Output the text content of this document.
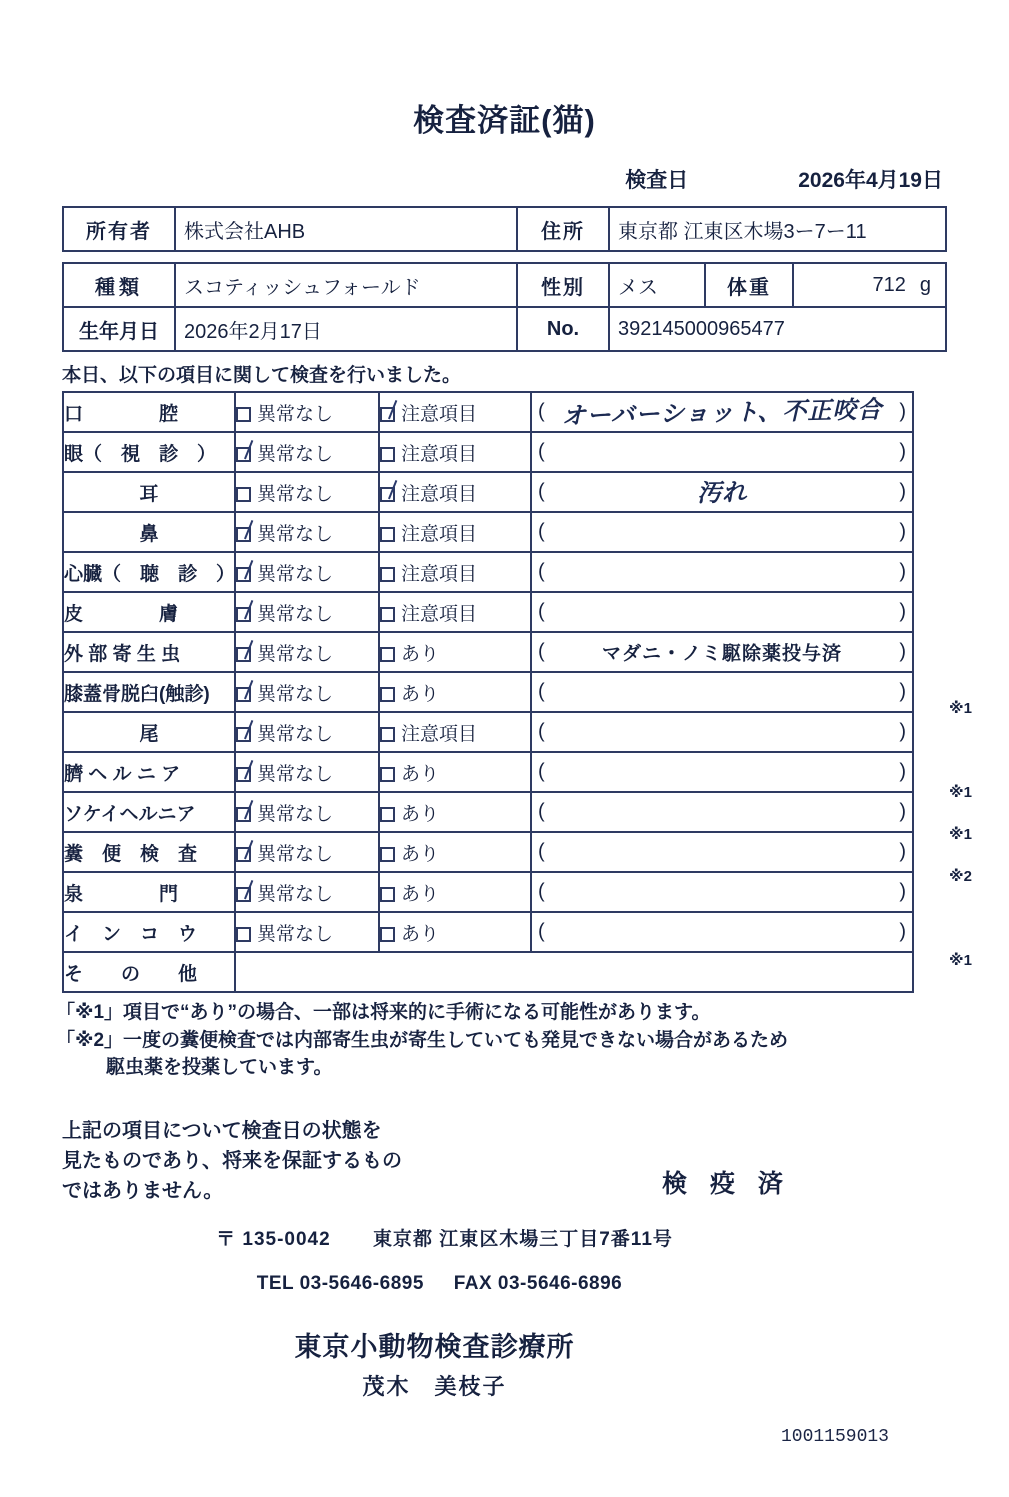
検査済証(猫)
検査日	2026年4月19日
所有者	株式会社AHB	住所	東京都 江東区木場3ー7ー11
種類	スコティッシュフォールド	性別	メス	体重	712 g
生年月日	2026年2月17日	No.	392145000965477
本日、以下の項目に関して検査を行いました。
口　　　　腔	異常なし	注意項目	( オーバーショット、不正咬合 )

眼（　視　診　）	異常なし	注意項目	( )

耳	異常なし	注意項目	( 汚れ )

鼻	異常なし	注意項目	( )

心臓（　聴　診　）	異常なし	注意項目	( )

皮　　　　膚	異常なし	注意項目	( )

外 部 寄 生 虫	異常なし	あり	( マダニ・ノミ駆除薬投与済 )

膝蓋骨脱臼(触診)	異常なし	あり	( )

尾	異常なし	注意項目	( )

臍 ヘ ル ニ ア	異常なし	あり	( )

ソケイヘルニア	異常なし	あり	( )

糞　便　検　査	異常なし	あり	( )

泉　　　　門	異常なし	あり	( )

イ　ン　コ　ウ	異常なし	あり	( )

そ　　の　　他			
※1
※1
※1
※2
※1
「※1」項目で“あり”の場合、一部は将来的に手術になる可能性があります。
「※2」一度の糞便検査では内部寄生虫が寄生していても発見できない場合があるため
駆虫薬を投薬しています。
上記の項目について検査日の状態を
見たものであり、将来を保証するもの
ではありません。	検 疫 済
〒 135-0042 東京都 江東区木場三丁目7番11号
TEL 03-5646-6895 FAX 03-5646-6896
東京小動物検査診療所
茂木　美枝子
1001159013
